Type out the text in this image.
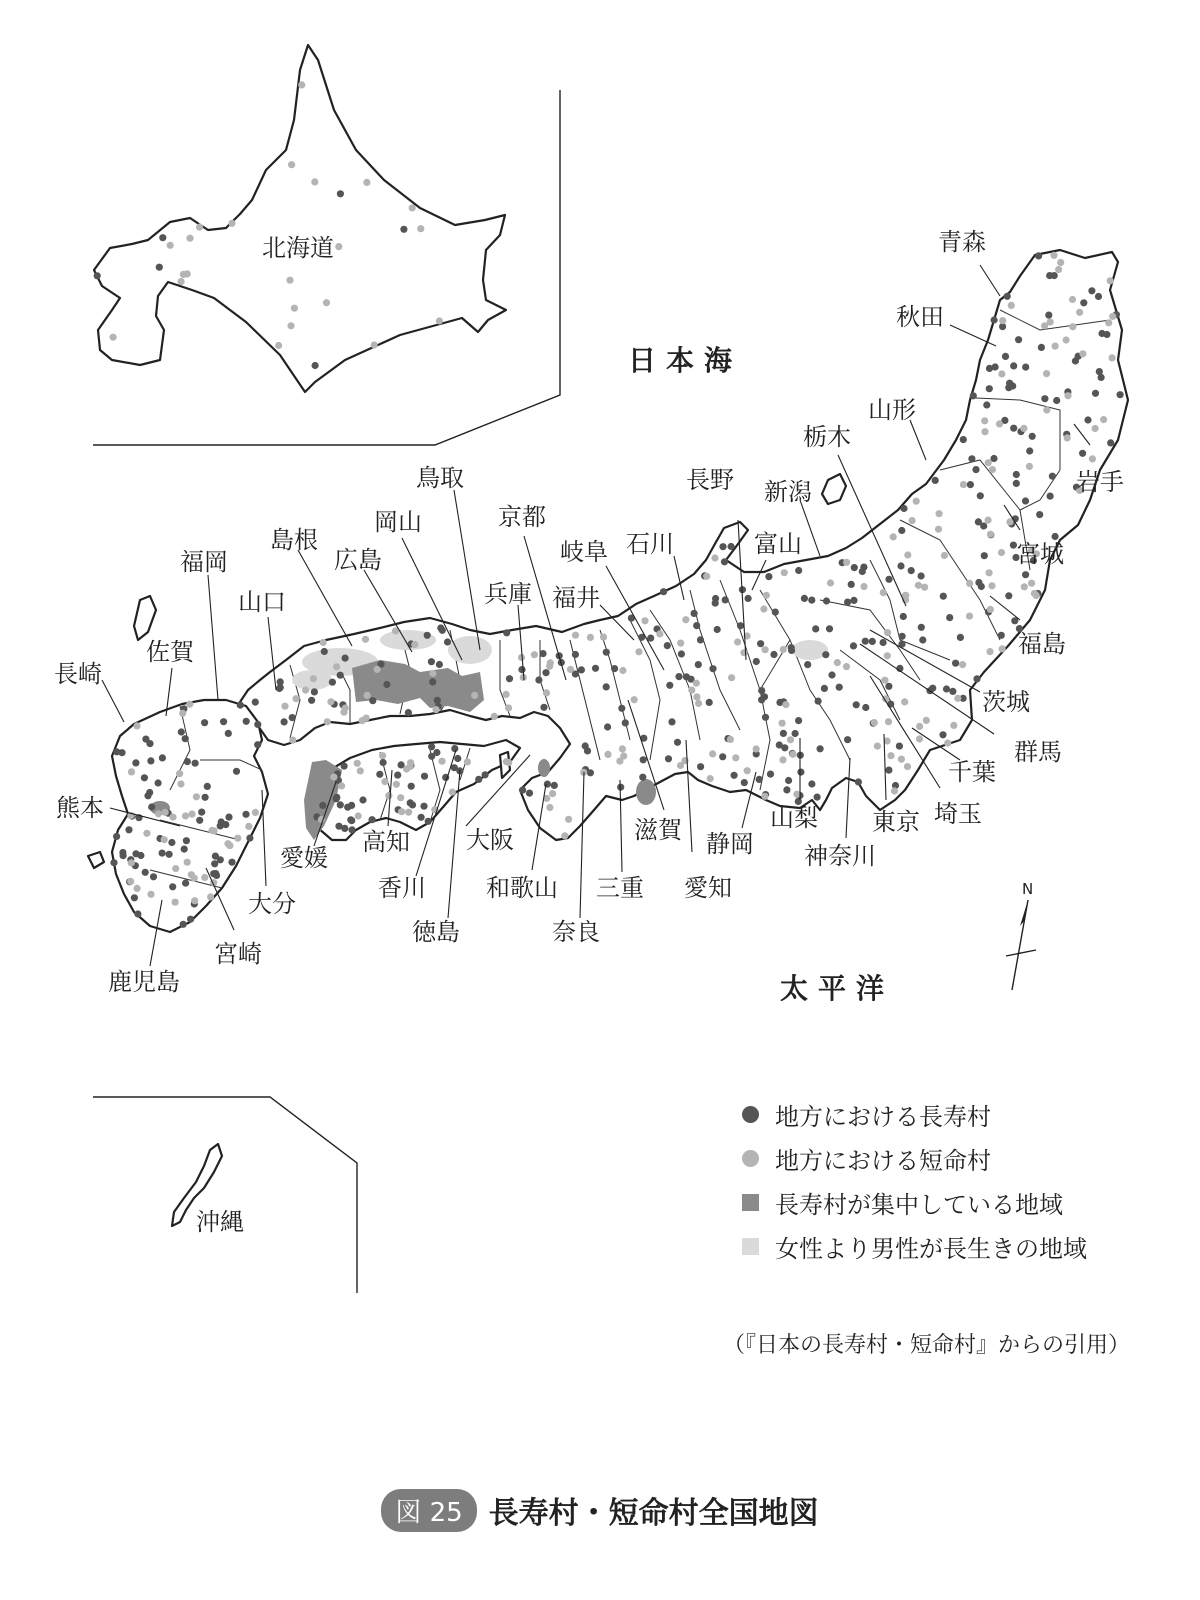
北海道	青森
秋田
山形
岩手
宮城
福島
栃木
新潟
茨城
群馬
千葉
埼玉
東京
神奈川
山梨
静岡
愛知
長野
富山
石川
岐阜
福井
滋賀
三重
奈良
和歌山
大阪
京都
兵庫
鳥取
岡山
島根
広島
山口
徳島
香川
高知
愛媛
福岡
佐賀
長崎
熊本
大分
宮崎
鹿児島
沖縄
日本海
太平洋
N
地方における長寿村
地方における短命村
長寿村が集中している地域
女性より男性が長生きの地域
（『日本の長寿村・短命村』からの引用）
図 25 長寿村・短命村全国地図
